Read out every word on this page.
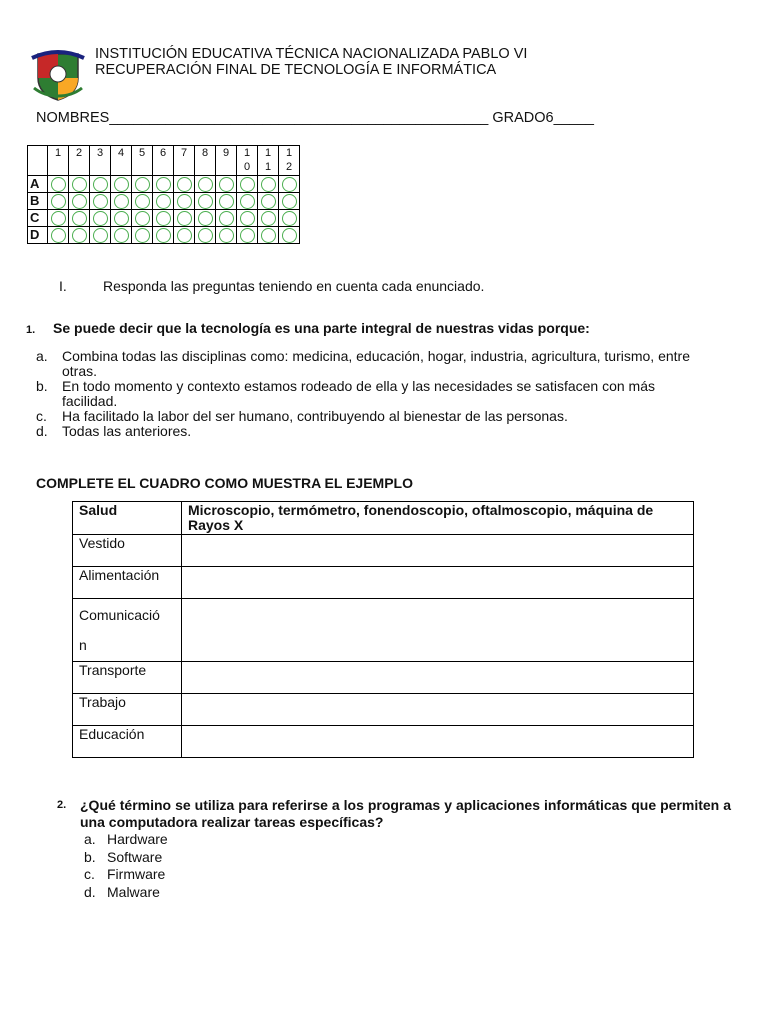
INSTITUCIÓN EDUCATIVA TÉCNICA NACIONALIZADA PABLO VI
RECUPERACIÓN FINAL DE TECNOLOGÍA E INFORMÁTICA
NOMBRES_______________________________________________ GRADO6_____

	1	2	3	4	5	6	7	8	9	10	11	12

A												
B												
C												
D												
I.	Responda las preguntas teniendo en cuenta cada enunciado.
1. Se puede decir que la tecnología es una parte integral de nuestras vidas porque:
a.	Combina todas las disciplinas como: medicina, educación, hogar, industria, agricultura, turismo, entre otras.
b.	En todo momento y contexto estamos rodeado de ella y las necesidades se satisfacen con más facilidad.
c.	Ha facilitado la labor del ser humano, contribuyendo al bienestar de las personas.
d.	Todas las anteriores.
COMPLETE EL CUADRO COMO MUESTRA EL EJEMPLO
Salud	Microscopio, termómetro, fonendoscopio, oftalmoscopio, máquina de Rayos X
Vestido	
Alimentación	

Comunicació n	

Transporte	
Trabajo	
Educación	
2. ¿Qué término se utiliza para referirse a los programas y aplicaciones informáticas que permiten a una computadora realizar tareas específicas?
a. Hardware
b. Software
c. Firmware
d. Malware
